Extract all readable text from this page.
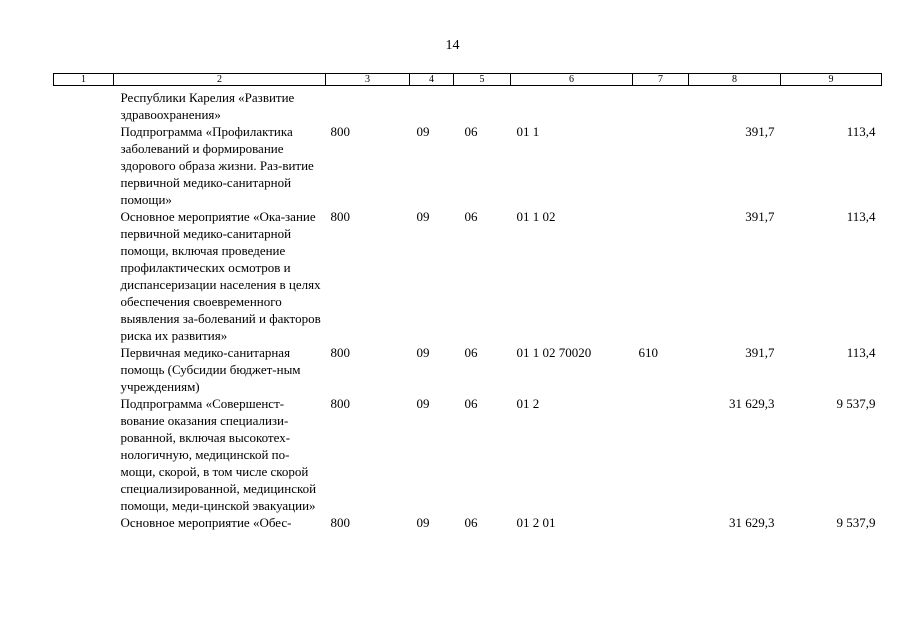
14
1	2	3	4	5	6	7	8	9
	Республики Карелия «Развитие здравоохранения»							
	Подпрограмма «Профилактика заболеваний и формирование здорового образа жизни. Раз-витие первичной медико-санитарной помощи»	800	09	06	01 1		391,7	113,4
	Основное мероприятие «Ока-зание первичной медико-санитарной помощи, включая проведение профилактических осмотров и диспансеризации населения в целях обеспечения своевременного выявления за-болеваний и факторов риска их развития»	800	09	06	01 1 02		391,7	113,4
	Первичная медико-санитарная помощь (Субсидии бюджет-ным учреждениям)	800	09	06	01 1 02 70020	610	391,7	113,4
	Подпрограмма «Совершенст-вование оказания специализи-рованной, включая высокотех-нологичную, медицинской по-мощи, скорой, в том числе скорой специализированной, медицинской помощи, меди-цинской эвакуации»	800	09	06	01 2		31 629,3	9 537,9
	Основное мероприятие «Обес-	800	09	06	01 2 01		31 629,3	9 537,9
